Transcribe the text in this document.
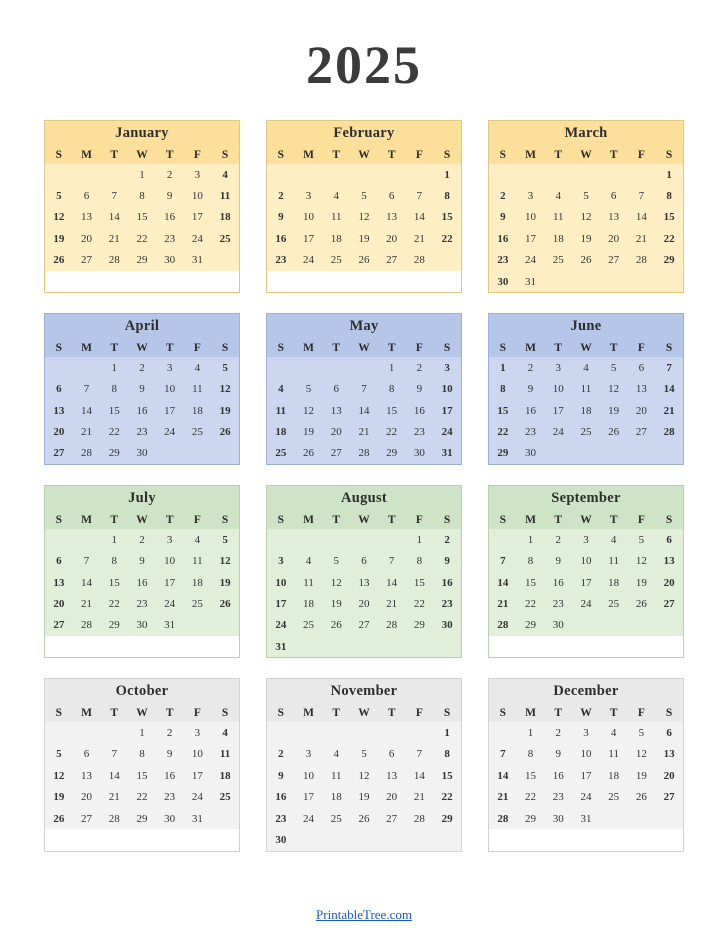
2025
January
S	M	T	W	T	F	S
			1	2	3	4
5	6	7	8	9	10	11
12	13	14	15	16	17	18
19	20	21	22	23	24	25
26	27	28	29	30	31	
February
S	M	T	W	T	F	S
						1
2	3	4	5	6	7	8
9	10	11	12	13	14	15
16	17	18	19	20	21	22
23	24	25	26	27	28	
March
S	M	T	W	T	F	S
						1
2	3	4	5	6	7	8
9	10	11	12	13	14	15
16	17	18	19	20	21	22
23	24	25	26	27	28	29
30	31					
April
S	M	T	W	T	F	S
		1	2	3	4	5
6	7	8	9	10	11	12
13	14	15	16	17	18	19
20	21	22	23	24	25	26
27	28	29	30			
May
S	M	T	W	T	F	S
				1	2	3
4	5	6	7	8	9	10
11	12	13	14	15	16	17
18	19	20	21	22	23	24
25	26	27	28	29	30	31
June
S	M	T	W	T	F	S
1	2	3	4	5	6	7
8	9	10	11	12	13	14
15	16	17	18	19	20	21
22	23	24	25	26	27	28
29	30					
July
S	M	T	W	T	F	S
		1	2	3	4	5
6	7	8	9	10	11	12
13	14	15	16	17	18	19
20	21	22	23	24	25	26
27	28	29	30	31		
August
S	M	T	W	T	F	S
					1	2
3	4	5	6	7	8	9
10	11	12	13	14	15	16
17	18	19	20	21	22	23
24	25	26	27	28	29	30
31						
September
S	M	T	W	T	F	S
	1	2	3	4	5	6
7	8	9	10	11	12	13
14	15	16	17	18	19	20
21	22	23	24	25	26	27
28	29	30				
October
S	M	T	W	T	F	S
			1	2	3	4
5	6	7	8	9	10	11
12	13	14	15	16	17	18
19	20	21	22	23	24	25
26	27	28	29	30	31	
November
S	M	T	W	T	F	S
						1
2	3	4	5	6	7	8
9	10	11	12	13	14	15
16	17	18	19	20	21	22
23	24	25	26	27	28	29
30						
December
S	M	T	W	T	F	S
	1	2	3	4	5	6
7	8	9	10	11	12	13
14	15	16	17	18	19	20
21	22	23	24	25	26	27
28	29	30	31			
PrintableTree.com
